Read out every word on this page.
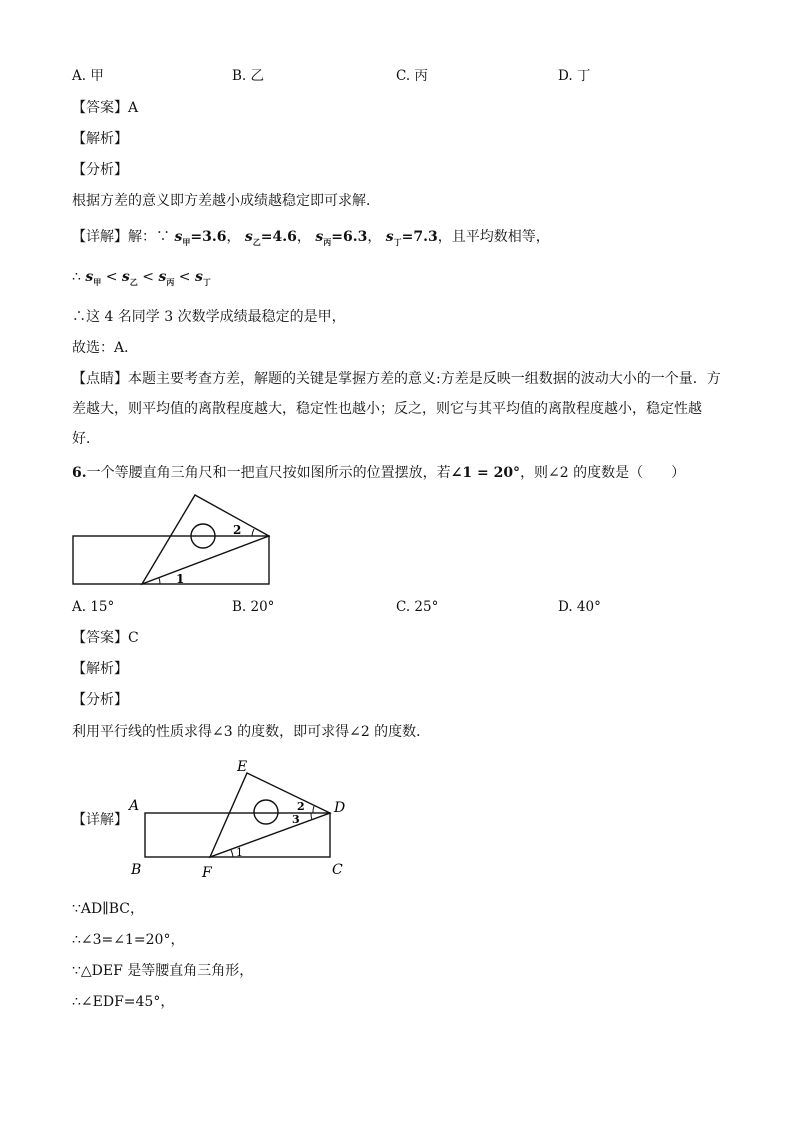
A. 甲	B. 乙	C. 丙	D. 丁
【答案】A
【解析】
【分析】
根据方差的意义即方差越小成绩越稳定即可求解．
【详解】解：∵ $s_甲=3.6$， $s_乙=4.6$， $s_丙=6.3$， $s_丁=7.3$，且平均数相等，
∴ $s_甲 < s_乙 < s_丙 < s_丁$
∴这 4 名同学 3 次数学成绩最稳定的是甲，
故选：A．
【点睛】本题主要考查方差，解题的关键是掌握方差的意义:方差是反映一组数据的波动大小的一个量．方
差越大，则平均值的离散程度越大，稳定性也越小；反之，则它与其平均值的离散程度越小，稳定性越
好．
6.一个等腰直角三角尺和一把直尺按如图所示的位置摆放，若∠1 = 20°，则∠2 的度数是（　　）
1
2
A. 15°	B. 20°	C. 25°	D. 40°
【答案】C
【解析】
【分析】
利用平行线的性质求得∠3 的度数，即可求得∠2 的度数．
【详解】
E
A	D
B	C
F
1
2
3
∵AD∥BC，
∴∠3=∠1=20°，
∵△DEF 是等腰直角三角形，
∴∠EDF=45°，
